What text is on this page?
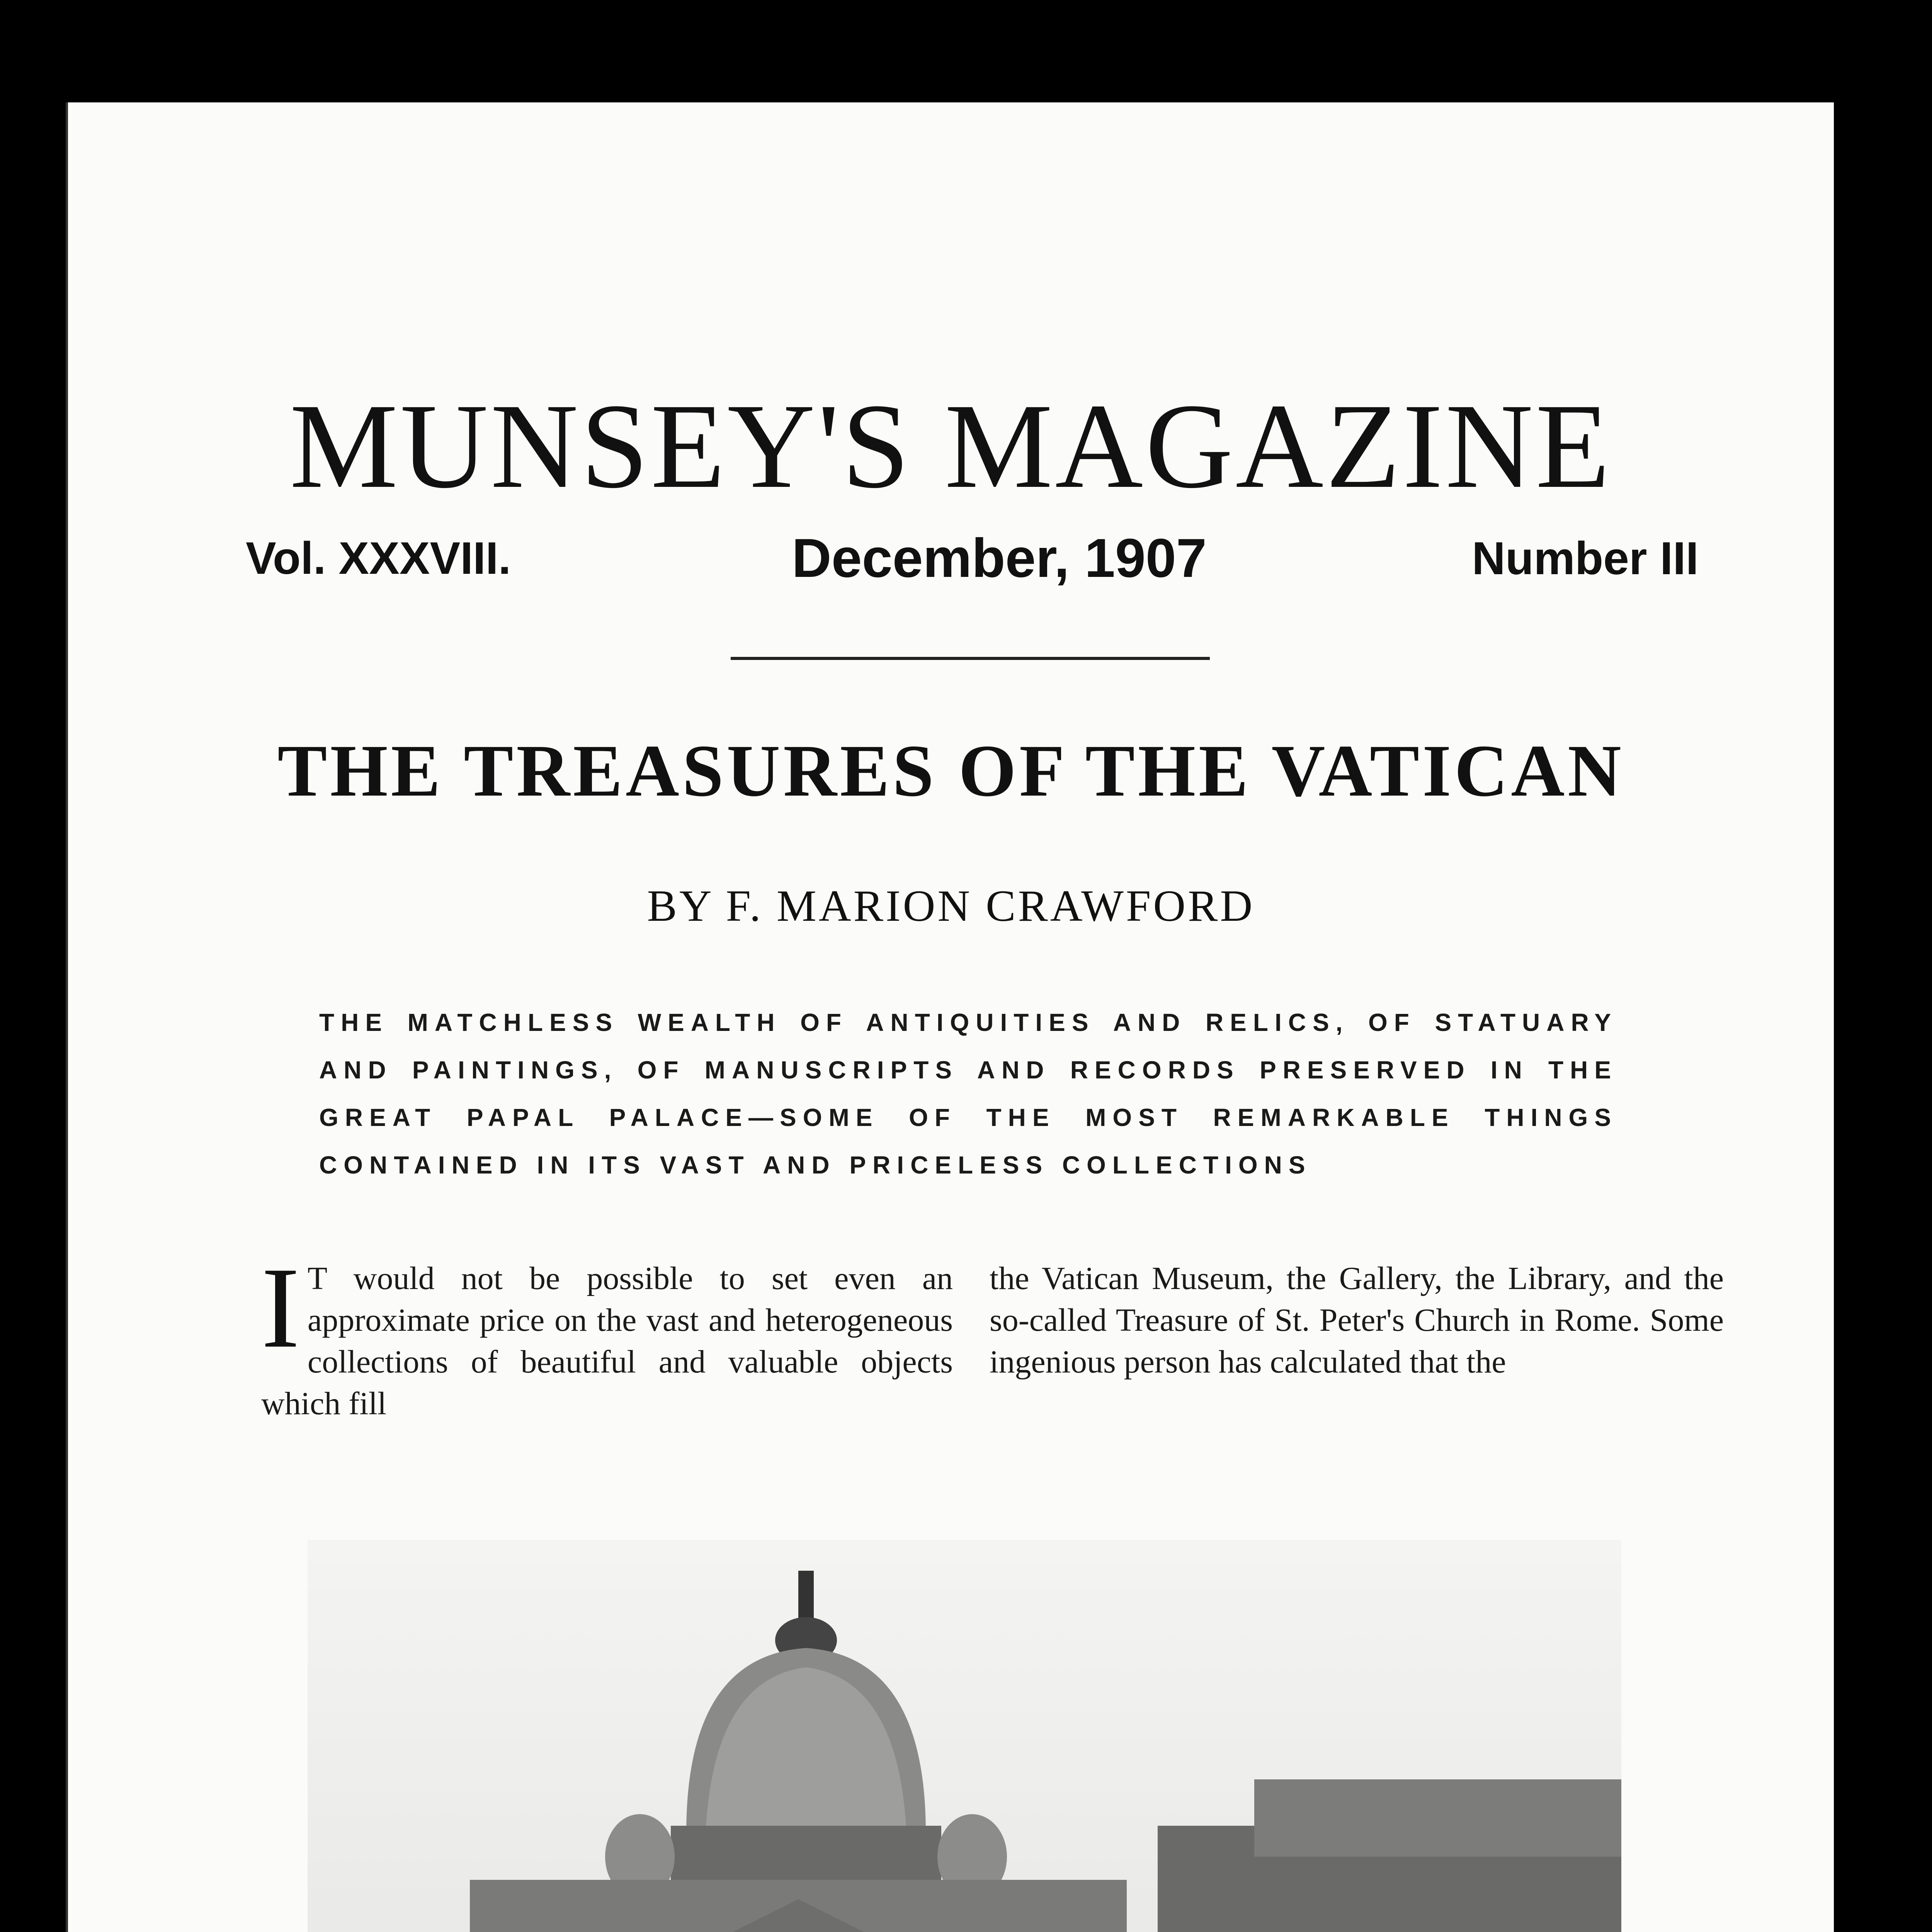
MUNSEY'S MAGAZINE
Vol. XXXVIII.	December, 1907	Number III
THE TREASURES OF THE VATICAN
BY F. MARION CRAWFORD

THE MATCHLESS WEALTH OF ANTIQUITIES AND RELICS, OF STATUARY AND PAINTINGS, OF MANUSCRIPTS AND RECORDS PRESERVED IN THE GREAT PAPAL PALACE—SOME OF THE MOST REMARKABLE THINGS CONTAINED IN ITS VAST AND PRICELESS COLLECTIONS

I T would not be possible to set even an approximate price on the vast and heterogeneous collections of beautiful and valuable objects which fill
the Vatican Museum, the Gallery, the Library, and the so-called Treasure of St. Peter's Church in Rome. Some ingenious person has calculated that the
